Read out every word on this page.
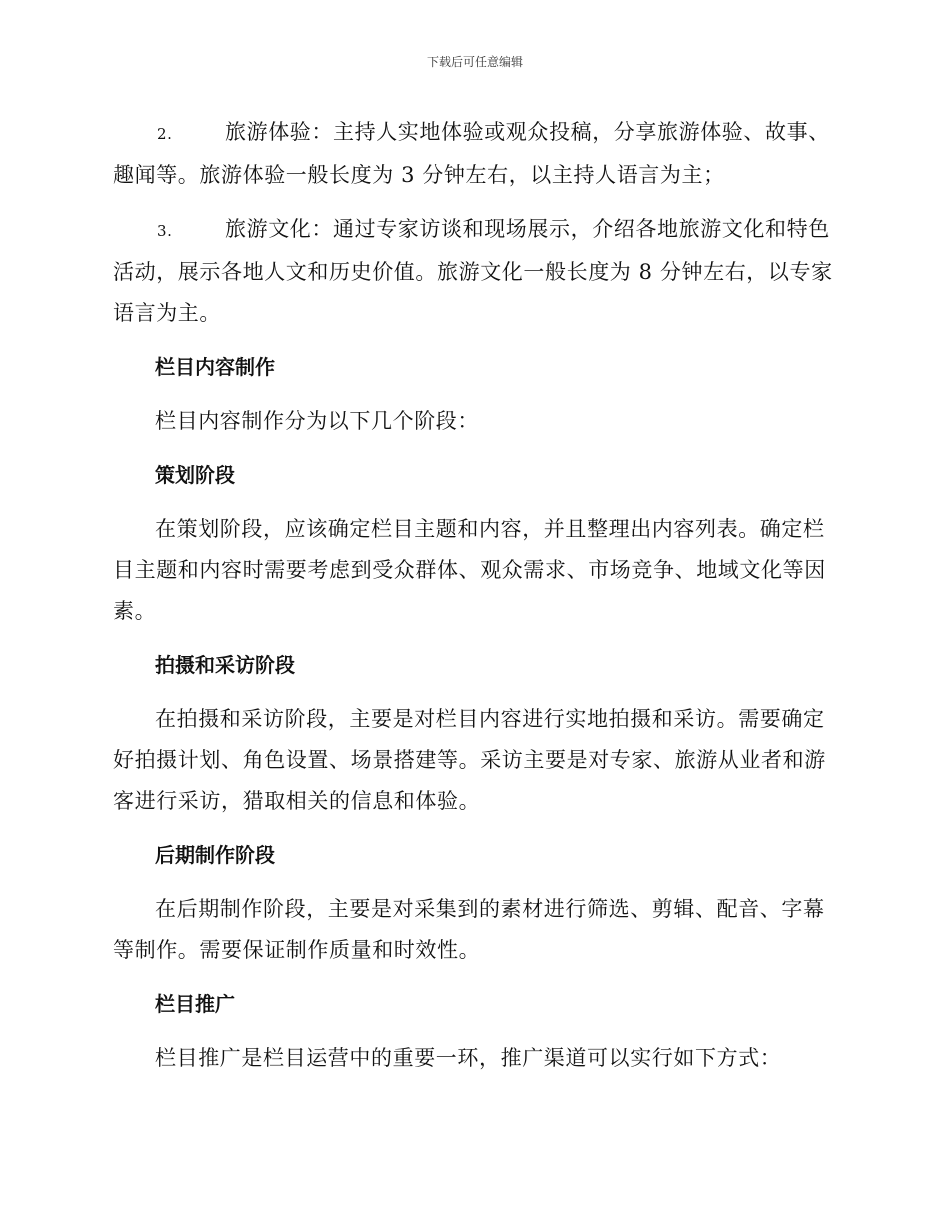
下载后可任意编辑

2. 旅游体验：主持人实地体验或观众投稿，分享旅游体验、故事、趣闻等。旅游体验一般长度为 3 分钟左右，以主持人语言为主；

3. 旅游文化：通过专家访谈和现场展示，介绍各地旅游文化和特色活动，展示各地人文和历史价值。旅游文化一般长度为 8 分钟左右，以专家语言为主。

栏目内容制作

栏目内容制作分为以下几个阶段：

策划阶段

在策划阶段，应该确定栏目主题和内容，并且整理出内容列表。确定栏目主题和内容时需要考虑到受众群体、观众需求、市场竞争、地域文化等因素。

拍摄和采访阶段

在拍摄和采访阶段，主要是对栏目内容进行实地拍摄和采访。需要确定好拍摄计划、角色设置、场景搭建等。采访主要是对专家、旅游从业者和游客进行采访，猎取相关的信息和体验。

后期制作阶段

在后期制作阶段，主要是对采集到的素材进行筛选、剪辑、配音、字幕等制作。需要保证制作质量和时效性。

栏目推广

栏目推广是栏目运营中的重要一环，推广渠道可以实行如下方式：
